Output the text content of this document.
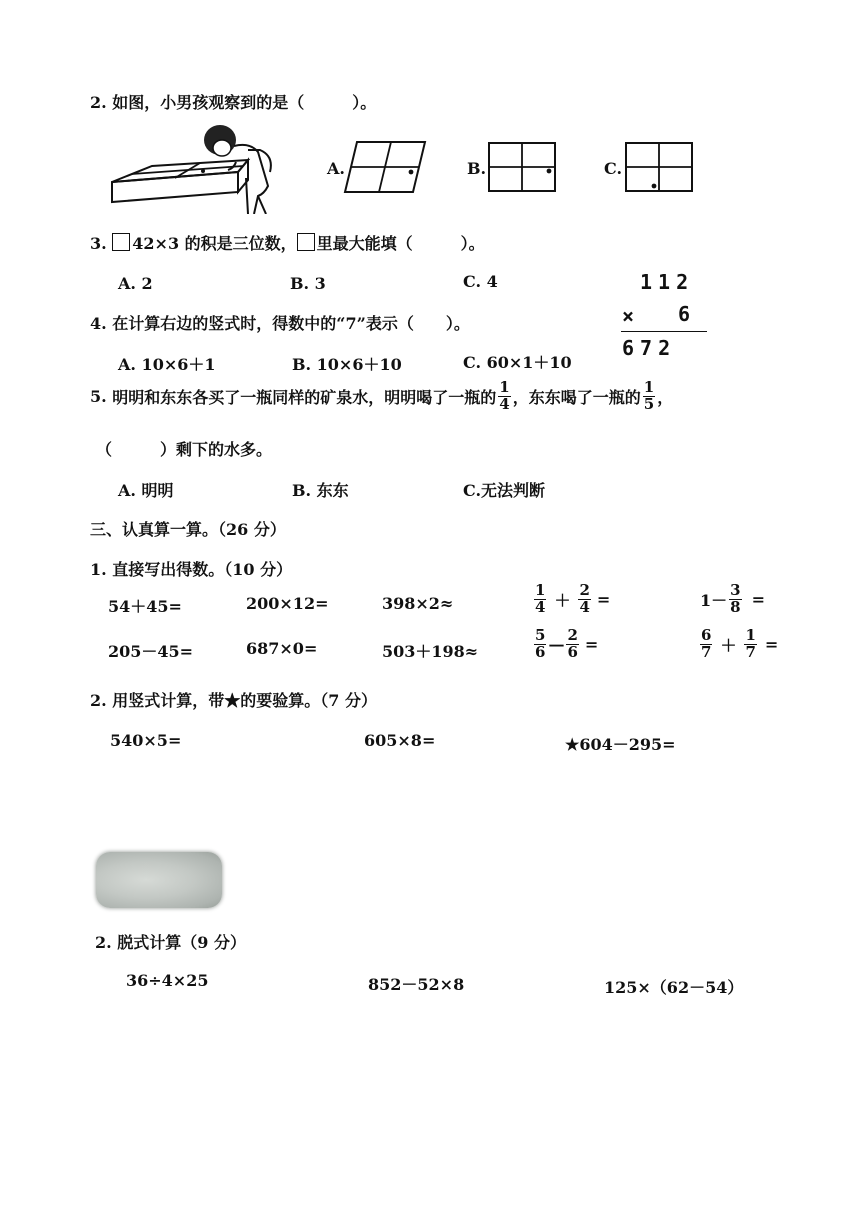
2. 如图，小男孩观察到的是（　　　）。
A.	B.	C.
3. 42×3 的积是三位数， 里最大能填（　　　）。
A. 2	B. 3	C. 4	112
× 6
672
4. 在计算右边的竖式时，得数中的“7”表示（　　）。
A. 10×6＋1	B. 10×6＋10	C. 60×1＋10
5.
明明和东东各买了一瓶同样的矿泉水，明明喝了一瓶的 $\frac{1}{4}$ ，东东喝了一瓶的 $\frac{1}{5}$ ，
（　　　）剩下的水多。
A. 明明	B. 东东	C.无法判断
三、认真算一算。（26 分）
1. 直接写出得数。（10 分）
54＋45=	200×12=	398×2≈	$\frac{1}{4} + \frac{2}{4}$ =	$1- \frac{3}{8}$ =
205－45=	687×0=	503＋198≈	$\frac{5}{6}$ — $\frac{2}{6}$ =	$\frac{6}{7} + \frac{1}{7}$ =
2. 用竖式计算，带★的要验算。（7 分）
540×5=	605×8=	★604－295=
2. 脱式计算（9 分）
36÷4×25	852－52×8	125×（62－54）
